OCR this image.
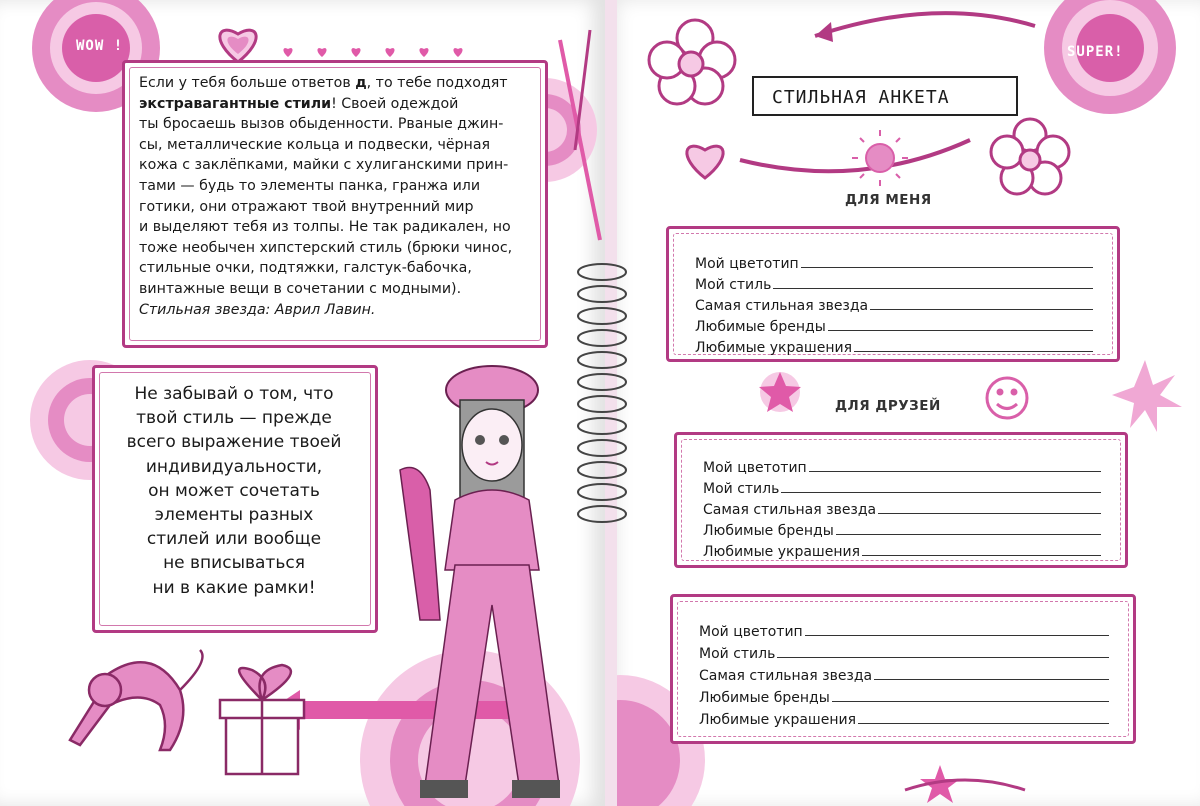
WOW !

Если у тебя больше ответов д, то тебе подходят

экстравагантные стили! Своей одеждой

ты бросаешь вызов обыденности. Рваные джин-

сы, металлические кольца и подвески, чёрная

кожа с заклёпками, майки с хулиганскими прин-

тами — будь то элементы панка, гранжа или

готики, они отражают твой внутренний мир

и выделяют тебя из толпы. Не так радикален, но

тоже необычен хипстерский стиль (брюки чинос,

стильные очки, подтяжки, галстук-бабочка,

винтажные вещи в сочетании с модными).

Стильная звезда: Аврил Лавин.

Не забывай о том, что
твой стиль — прежде
всего выражение твоей
индивидуальности,
он может сочетать
элементы разных
стилей или вообще
не вписываться
ни в какие рамки!
SUPER!
СТИЛЬНАЯ АНКЕТА
ДЛЯ МЕНЯ
ДЛЯ ДРУЗЕЙ
Мой цветотип
Мой стиль
Самая стильная звезда
Любимые бренды
Любимые украшения
Мой цветотип
Мой стиль
Самая стильная звезда
Любимые бренды
Любимые украшения
Мой цветотип
Мой стиль
Самая стильная звезда
Любимые бренды
Любимые украшения
